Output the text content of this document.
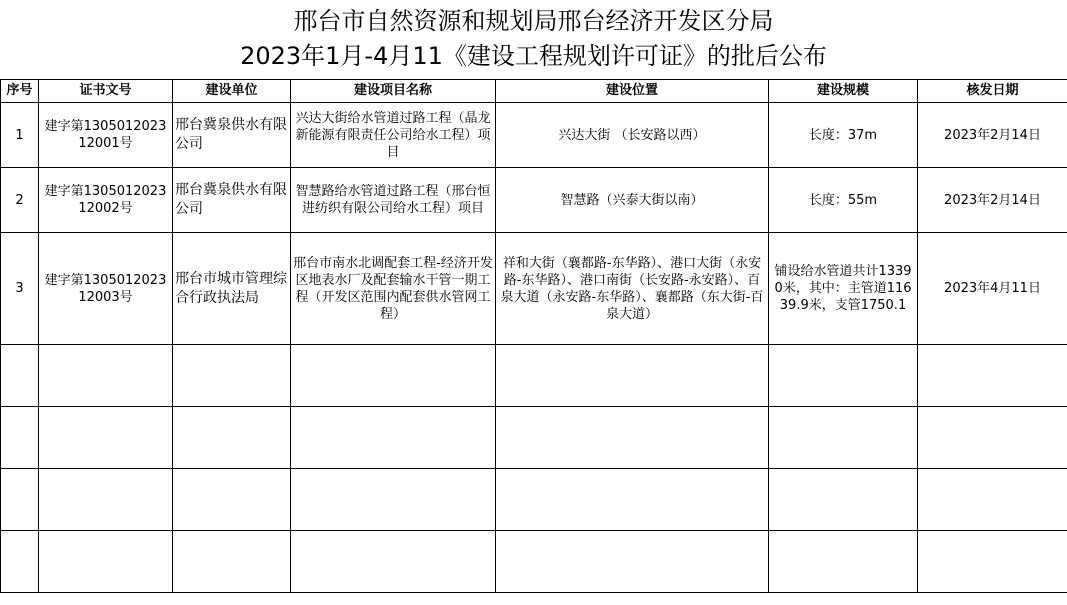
邢台市自然资源和规划局邢台经济开发区分局
2023年1月-4月11《建设工程规划许可证》的批后公布
序号	证书文号	建设单位	建设项目名称	建设位置	建设规模	核发日期
1	建字第130501202312001号	邢台冀泉供水有限公司	兴达大街给水管道过路工程（晶龙新能源有限责任公司给水工程）项目	兴达大街 （长安路以西）	长度：37m	2023年2月14日
2	建字第130501202312002号	邢台冀泉供水有限公司	智慧路给水管道过路工程（邢台恒进纺织有限公司给水工程）项目	智慧路（兴泰大街以南）	长度：55m	2023年2月14日
3	建字第130501202312003号	邢台市城市管理综合行政执法局	邢台市南水北调配套工程-经济开发区地表水厂及配套输水干管一期工程（开发区范围内配套供水管网工程）	祥和大街（襄都路-东华路）、港口大街（永安路-东华路）、港口南街（长安路-永安路）、百泉大道（永安路-东华路）、襄都路（东大街-百泉大道）	铺设给水管道共计13390米，其中：主管道11639.9米，支管1750.1	2023年4月11日
